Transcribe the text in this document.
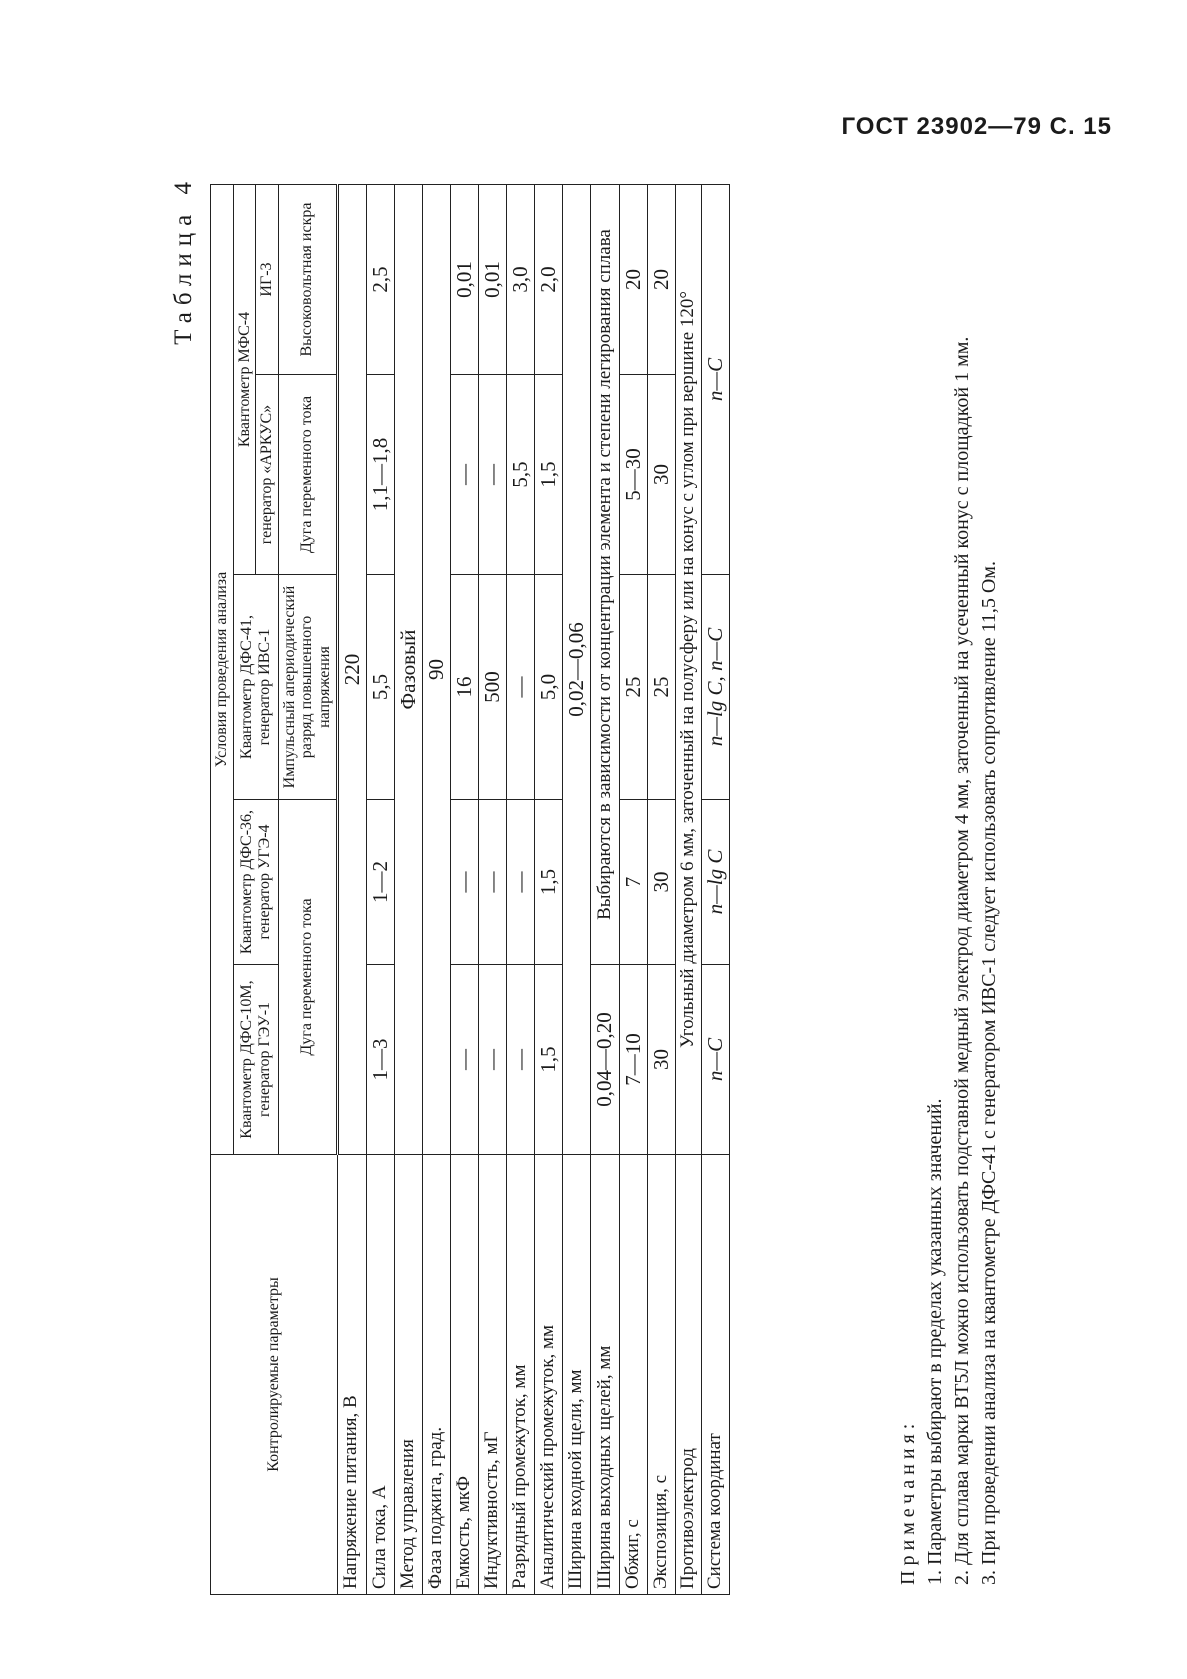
ГОСТ 23902—79 С. 15
Таблица 4
Контролируемые параметры	Условия проведения анализа				
	Квантометр ДФС-10М, генератор ГЭУ-1	Квантометр ДФС-36, генератор УГЭ-4	Квантометр ДФС-41, генератор ИВС-1	Квантометр МФС-4	
				генератор «АРКУС»	ИГ-3
	Дуга переменного тока		Импульсный апериодический разряд повышенного напряжения	Дуга переменного тока	Высоковольтная искра
Напряжение питания, В	220				
Сила тока, А	1—3	1—2	5,5	1,1—1,8	2,5
Метод управления	Фазовый				
Фаза поджига, град.	90				
Емкость, мкФ	—	—	16	—	0,01
Индуктивность, мГ	—	—	500	—	0,01
Разрядный промежуток, мм	—	—	—	5,5	3,0
Аналитический промежуток, мм	1,5	1,5	5,0	1,5	2,0
Ширина входной щели, мм	0,02—0,06				
Ширина выходных щелей, мм	0,04—0,20	Выбираются в зависимости от концентрации элемента и степени легирования сплава			
Обжиг, с	7—10	7	25	5—30	20
Экспозиция, с	30	30	25	30	20
Противоэлектрод	Угольный диаметром 6 мм, заточенный на полусферу или на конус с углом при вершине 120°				
Система координат	n—C	n—lg C	n—lg C, n—C	n—C	

Примечания: 1. Параметры выбирают в пределах указанных значений. 2. Для сплава марки ВТ5Л можно использовать подставной медный электрод диаметром 4 мм, заточенный на усеченный конус с площадкой 1 мм. 3. При проведении анализа на квантометре ДФС-41 с генератором ИВС-1 следует использовать сопротивление 11,5 Ом.
